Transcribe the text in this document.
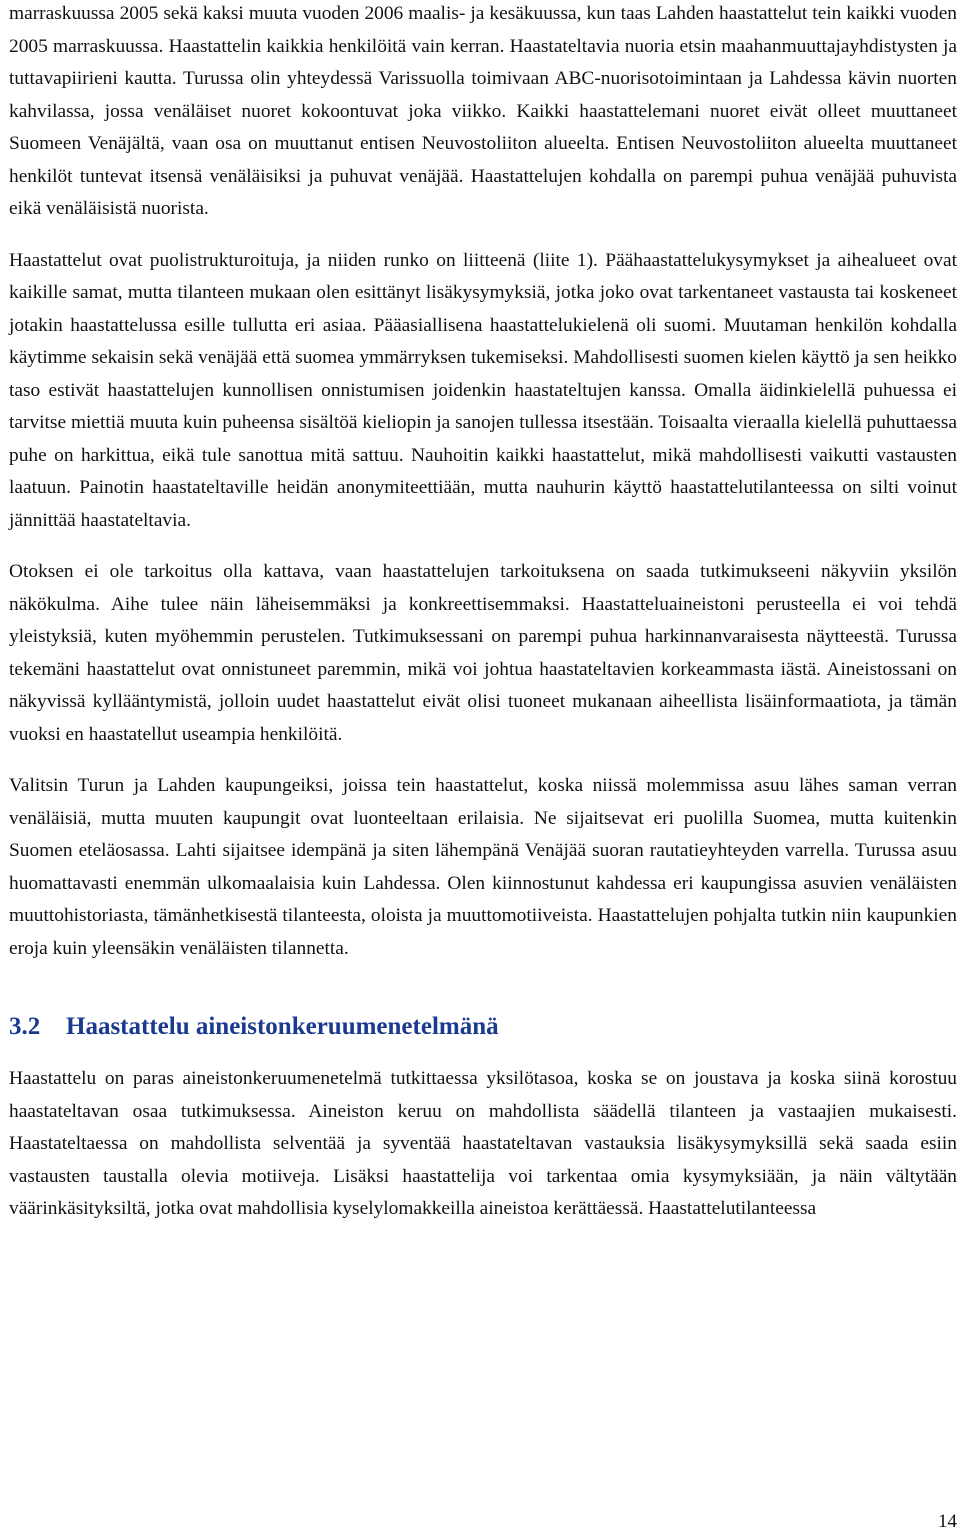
marraskuussa 2005 sekä kaksi muuta vuoden 2006 maalis- ja kesäkuussa, kun taas Lahden haastattelut tein kaikki vuoden 2005 marraskuussa. Haastattelin kaikkia henkilöitä vain kerran. Haastateltavia nuoria etsin maahanmuuttajayhdistysten ja tuttavapiirieni kautta. Turussa olin yhteydessä Varissuolla toimivaan ABC-nuorisotoimintaan ja Lahdessa kävin nuorten kahvilassa, jossa venäläiset nuoret kokoontuvat joka viikko. Kaikki haastattelemani nuoret eivät olleet muuttaneet Suomeen Venäjältä, vaan osa on muuttanut entisen Neuvostoliiton alueelta. Entisen Neuvostoliiton alueelta muuttaneet henkilöt tuntevat itsensä venäläisiksi ja puhuvat venäjää. Haastattelujen kohdalla on parempi puhua venäjää puhuvista eikä venäläisistä nuorista.

Haastattelut ovat puolistrukturoituja, ja niiden runko on liitteenä (liite 1). Päähaastattelukysymykset ja aihealueet ovat kaikille samat, mutta tilanteen mukaan olen esittänyt lisäkysymyksiä, jotka joko ovat tarkentaneet vastausta tai koskeneet jotakin haastattelussa esille tullutta eri asiaa. Pääasiallisena haastattelukielenä oli suomi. Muutaman henkilön kohdalla käytimme sekaisin sekä venäjää että suomea ymmärryksen tukemiseksi. Mahdollisesti suomen kielen käyttö ja sen heikko taso estivät haastattelujen kunnollisen onnistumisen joidenkin haastateltujen kanssa. Omalla äidinkielellä puhuessa ei tarvitse miettiä muuta kuin puheensa sisältöä kieliopin ja sanojen tullessa itsestään. Toisaalta vieraalla kielellä puhuttaessa puhe on harkittua, eikä tule sanottua mitä sattuu. Nauhoitin kaikki haastattelut, mikä mahdollisesti vaikutti vastausten laatuun. Painotin haastateltaville heidän anonymiteettiään, mutta nauhurin käyttö haastattelutilanteessa on silti voinut jännittää haastateltavia.

Otoksen ei ole tarkoitus olla kattava, vaan haastattelujen tarkoituksena on saada tutkimukseeni näkyviin yksilön näkökulma. Aihe tulee näin läheisemmäksi ja konkreettisemmaksi. Haastatteluaineistoni perusteella ei voi tehdä yleistyksiä, kuten myöhemmin perustelen. Tutkimuksessani on parempi puhua harkinnanvaraisesta näytteestä. Turussa tekemäni haastattelut ovat onnistuneet paremmin, mikä voi johtua haastateltavien korkeammasta iästä. Aineistossani on näkyvissä kyllääntymistä, jolloin uudet haastattelut eivät olisi tuoneet mukanaan aiheellista lisäinformaatiota, ja tämän vuoksi en haastatellut useampia henkilöitä.

Valitsin Turun ja Lahden kaupungeiksi, joissa tein haastattelut, koska niissä molemmissa asuu lähes saman verran venäläisiä, mutta muuten kaupungit ovat luonteeltaan erilaisia. Ne sijaitsevat eri puolilla Suomea, mutta kuitenkin Suomen eteläosassa. Lahti sijaitsee idempänä ja siten lähempänä Venäjää suoran rautatieyhteyden varrella. Turussa asuu huomattavasti enemmän ulkomaalaisia kuin Lahdessa. Olen kiinnostunut kahdessa eri kaupungissa asuvien venäläisten muuttohistoriasta, tämänhetkisestä tilanteesta, oloista ja muuttomotiiveista. Haastattelujen pohjalta tutkin niin kaupunkien eroja kuin yleensäkin venäläisten tilannetta.

3.2 Haastattelu aineistonkeruumenetelmänä

Haastattelu on paras aineistonkeruumenetelmä tutkittaessa yksilötasoa, koska se on joustava ja koska siinä korostuu haastateltavan osaa tutkimuksessa. Aineiston keruu on mahdollista säädellä tilanteen ja vastaajien mukaisesti. Haastateltaessa on mahdollista selventää ja syventää haastateltavan vastauksia lisäkysymyksillä sekä saada esiin vastausten taustalla olevia motiiveja. Lisäksi haastattelija voi tarkentaa omia kysymyksiään, ja näin vältytään väärinkäsityksiltä, jotka ovat mahdollisia kyselylomakkeilla aineistoa kerättäessä. Haastattelutilanteessa

14
